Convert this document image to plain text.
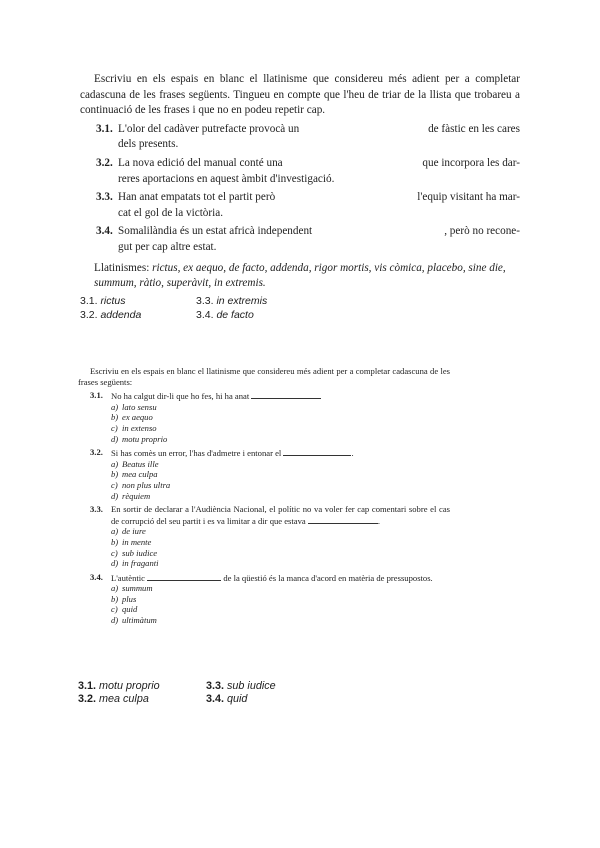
Escriviu en els espais en blanc el llatinisme que considereu més adient per a completar cadascuna de les frases següents. Tingueu en compte que l'heu de triar de la llista que trobareu a continuació de les frases i que no en podeu repetir cap.

3.1. L'olor del cadàver putrefacte provocà un	de fàstic en les cares
dels presents.
3.2. La nova edició del manual conté una	que incorpora les dar-
reres aportacions en aquest àmbit d'investigació.
3.3. Han anat empatats tot el partit però	l'equip visitant ha mar-
cat el gol de la victòria.
3.4. Somalilàndia és un estat africà independent	, però no recone-
gut per cap altre estat.

Llatinismes: rictus, ex aequo, de facto, addenda, rigor mortis, vis còmica, placebo, sine die, summum, ràtio, superàvit, in extremis.

3.1. rictus	3.3. in extremis
3.2. addenda	3.4. de facto

Escriviu en els espais en blanc el llatinisme que considereu més adient per a completar cadascuna de les frases següents:

3.1. No ha calgut dir-li que ho fes, hi ha anat
a) lato sensu
b) ex aequo
c) in extenso
d) motu proprio
3.2. Si has comès un error, l'has d'admetre i entonar el	.
a) Beatus ille
b) mea culpa
c) non plus ultra
d) rèquiem
3.3. En sortir de declarar a l'Audiència Nacional, el polític no va voler fer cap comentari sobre el cas de corrupció del seu partit i es va limitar a dir que estava	.
a) de iure
b) in mente
c) sub iudice
d) in fraganti
3.4. L'autèntic	de la qüestió és la manca d'acord en matèria de pressupostos.
a) summum
b) plus
c) quid
d) ultimàtum
3.1. motu proprio	3.3. sub iudice
3.2. mea culpa	3.4. quid
